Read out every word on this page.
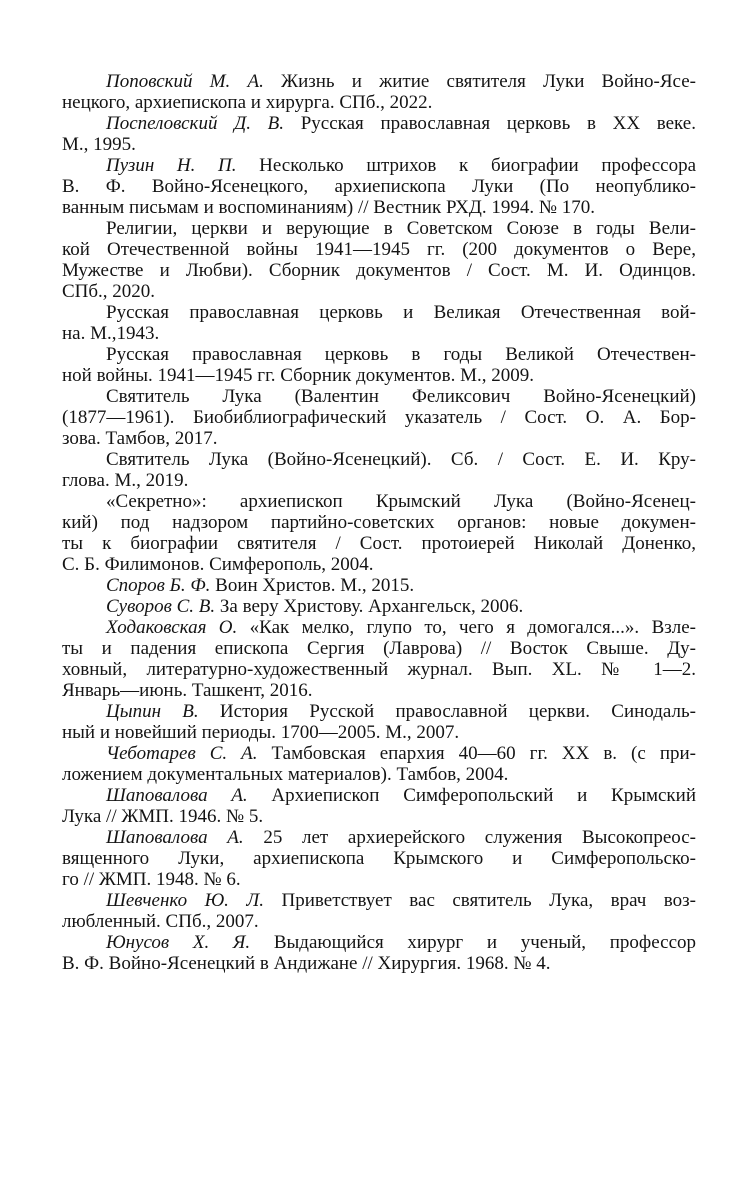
Поповский М. А. Жизнь и житие святителя Луки Войно-Ясе-
нецкого, архиепископа и хирурга. СПб., 2022.
Поспеловский Д. В. Русская православная церковь в XX веке.
М., 1995.
Пузин Н. П. Несколько штрихов к биографии профессора
В. Ф. Войно-Ясенецкого, архиепископа Луки (По неопублико-
ванным письмам и воспоминаниям) // Вестник РХД. 1994. № 170.
Религии, церкви и верующие в Советском Союзе в годы Вели-
кой Отечественной войны 1941—1945 гг. (200 документов о Вере,
Мужестве и Любви). Сборник документов / Сост. М. И. Одинцов.
СПб., 2020.
Русская православная церковь и Великая Отечественная вой-
на. М.,1943.
Русская православная церковь в годы Великой Отечествен-
ной войны. 1941—1945 гг. Сборник документов. М., 2009.
Святитель Лука (Валентин Феликсович Войно-Ясенецкий)
(1877—1961). Биобиблиографический указатель / Сост. О. А. Бор-
зова. Тамбов, 2017.
Святитель Лука (Войно-Ясенецкий). Сб. / Сост. Е. И. Кру-
глова. М., 2019.
«Секретно»: архиепископ Крымский Лука (Войно-Ясенец-
кий) под надзором партийно-советских органов: новые докумен-
ты к биографии святителя / Сост. протоиерей Николай Доненко,
С. Б. Филимонов. Симферополь, 2004.
Споров Б. Ф. Воин Христов. М., 2015.
Суворов С. В. За веру Христову. Архангельск, 2006.
Ходаковская О. «Как мелко, глупо то, чего я домогался...». Взле-
ты и падения епископа Сергия (Лаврова) // Восток Свыше. Ду-
ховный, литературно-художественный журнал. Вып. XL. № 1—2.
Январь—июнь. Ташкент, 2016.
Цыпин В. История Русской православной церкви. Синодаль-
ный и новейший периоды. 1700—2005. М., 2007.
Чеботарев С. А. Тамбовская епархия 40—60 гг. XX в. (с при-
ложением документальных материалов). Тамбов, 2004.
Шаповалова А. Архиепископ Симферопольский и Крымский
Лука // ЖМП. 1946. № 5.
Шаповалова А. 25 лет архиерейского служения Высокопреос-
вященного Луки, архиепископа Крымского и Симферопольско-
го // ЖМП. 1948. № 6.
Шевченко Ю. Л. Приветствует вас святитель Лука, врач воз-
любленный. СПб., 2007.
Юнусов Х. Я. Выдающийся хирург и ученый, профессор
В. Ф. Войно-Ясенецкий в Андижане // Хирургия. 1968. № 4.
